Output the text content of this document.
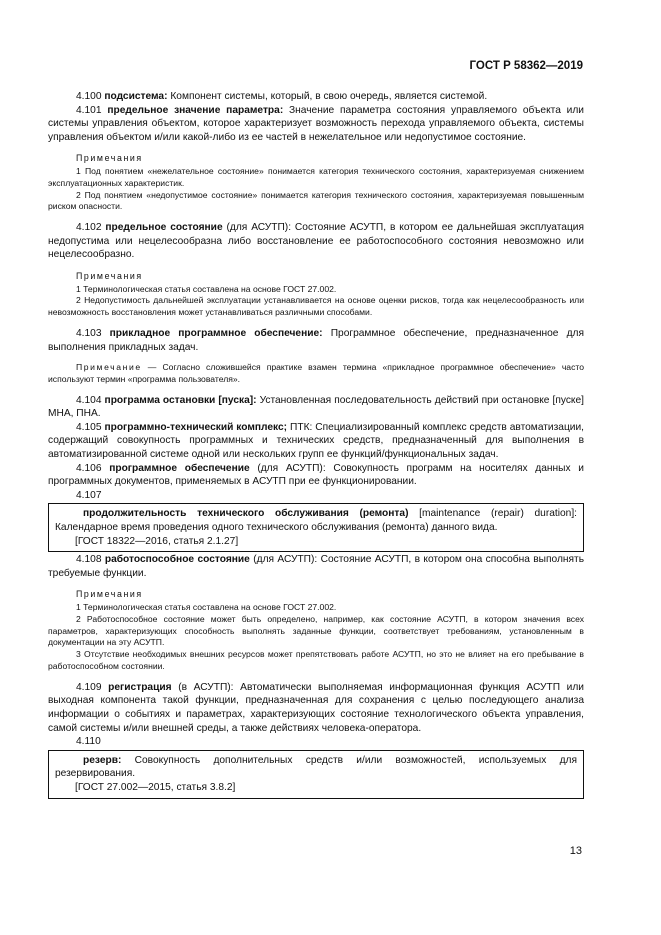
ГОСТ Р 58362—2019

4.100 подсистема: Компонент системы, который, в свою очередь, является системой.

4.101 предельное значение параметра: Значение параметра состояния управляемого объекта или системы управления объектом, которое характеризует возможность перехода управляемого объекта, системы управления объектом и/или какой-либо из ее частей в нежелательное или недопустимое состояние.

Примечания

1 Под понятием «нежелательное состояние» понимается категория технического состояния, характеризуемая снижением эксплуатационных характеристик.

2 Под понятием «недопустимое состояние» понимается категория технического состояния, характеризуемая повышенным риском опасности.

4.102 предельное состояние (для АСУТП): Состояние АСУТП, в котором ее дальнейшая эксплуатация недопустима или нецелесообразна либо восстановление ее работоспособного состояния невозможно или нецелесообразно.

Примечания

1 Терминологическая статья составлена на основе ГОСТ 27.002.

2 Недопустимость дальнейшей эксплуатации устанавливается на основе оценки рисков, тогда как нецелесообразность или невозможность восстановления может устанавливаться различными способами.

4.103 прикладное программное обеспечение: Программное обеспечение, предназначенное для выполнения прикладных задач.

Примечание — Согласно сложившейся практике взамен термина «прикладное программное обеспечение» часто используют термин «программа пользователя».

4.104 программа остановки [пуска]: Установленная последовательность действий при остановке [пуске] МНА, ПНА.

4.105 программно-технический комплекс; ПТК: Специализированный комплекс средств автоматизации, содержащий совокупность программных и технических средств, предназначенный для выполнения в автоматизированной системе одной или нескольких групп ее функций/функциональных задач.

4.106 программное обеспечение (для АСУТП): Совокупность программ на носителях данных и программных документов, применяемых в АСУТП при ее функционировании.

4.107

продолжительность технического обслуживания (ремонта) [maintenance (repair) duration]: Календарное время проведения одного технического обслуживания (ремонта) данного вида.

[ГОСТ 18322—2016, статья 2.1.27]

4.108 работоспособное состояние (для АСУТП): Состояние АСУТП, в котором она способна выполнять требуемые функции.

Примечания

1 Терминологическая статья составлена на основе ГОСТ 27.002.

2 Работоспособное состояние может быть определено, например, как состояние АСУТП, в котором значения всех параметров, характеризующих способность выполнять заданные функции, соответствует требованиям, установленным в документации на эту АСУТП.

3 Отсутствие необходимых внешних ресурсов может препятствовать работе АСУТП, но это не влияет на его пребывание в работоспособном состоянии.

4.109 регистрация (в АСУТП): Автоматически выполняемая информационная функция АСУТП или выходная компонента такой функции, предназначенная для сохранения с целью последующего анализа информации о событиях и параметрах, характеризующих состояние технологического объекта управления, самой системы и/или внешней среды, а также действиях человека-оператора.

4.110

резерв: Совокупность дополнительных средств и/или возможностей, используемых для резервирования.

[ГОСТ 27.002—2015, статья 3.8.2]

13
